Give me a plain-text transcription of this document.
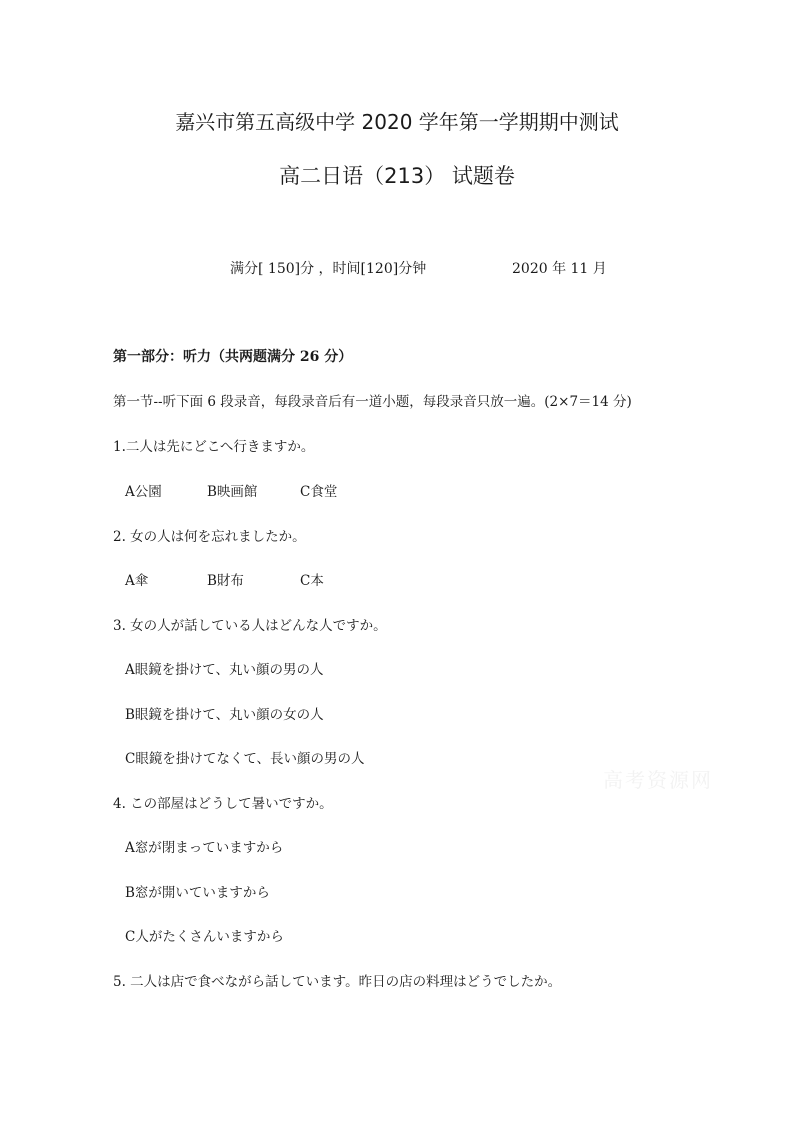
嘉兴市第五高级中学 2020 学年第一学期期中测试
高二日语（213） 试题卷
满分[ 150]分 ，时间[120]分钟	2020 年 11 月
第一部分：听力（共两题满分 26 分）
第一节--听下面 6 段录音，每段录音后有一道小题，每段录音只放一遍。(2×7＝14 分)
1.二人は先にどこへ行きますか。
A公園	B映画館	C食堂
2. 女の人は何を忘れましたか。
A傘	B財布	C本
3. 女の人が話している人はどんな人ですか。
A眼鏡を掛けて、丸い顔の男の人
B眼鏡を掛けて、丸い顔の女の人
C眼鏡を掛けてなくて、長い顔の男の人
4. この部屋はどうして暑いですか。
A窓が閉まっていますから
B窓が開いていますから
C人がたくさんいますから
5. 二人は店で食べながら話しています。昨日の店の料理はどうでしたか。
高考资源网
